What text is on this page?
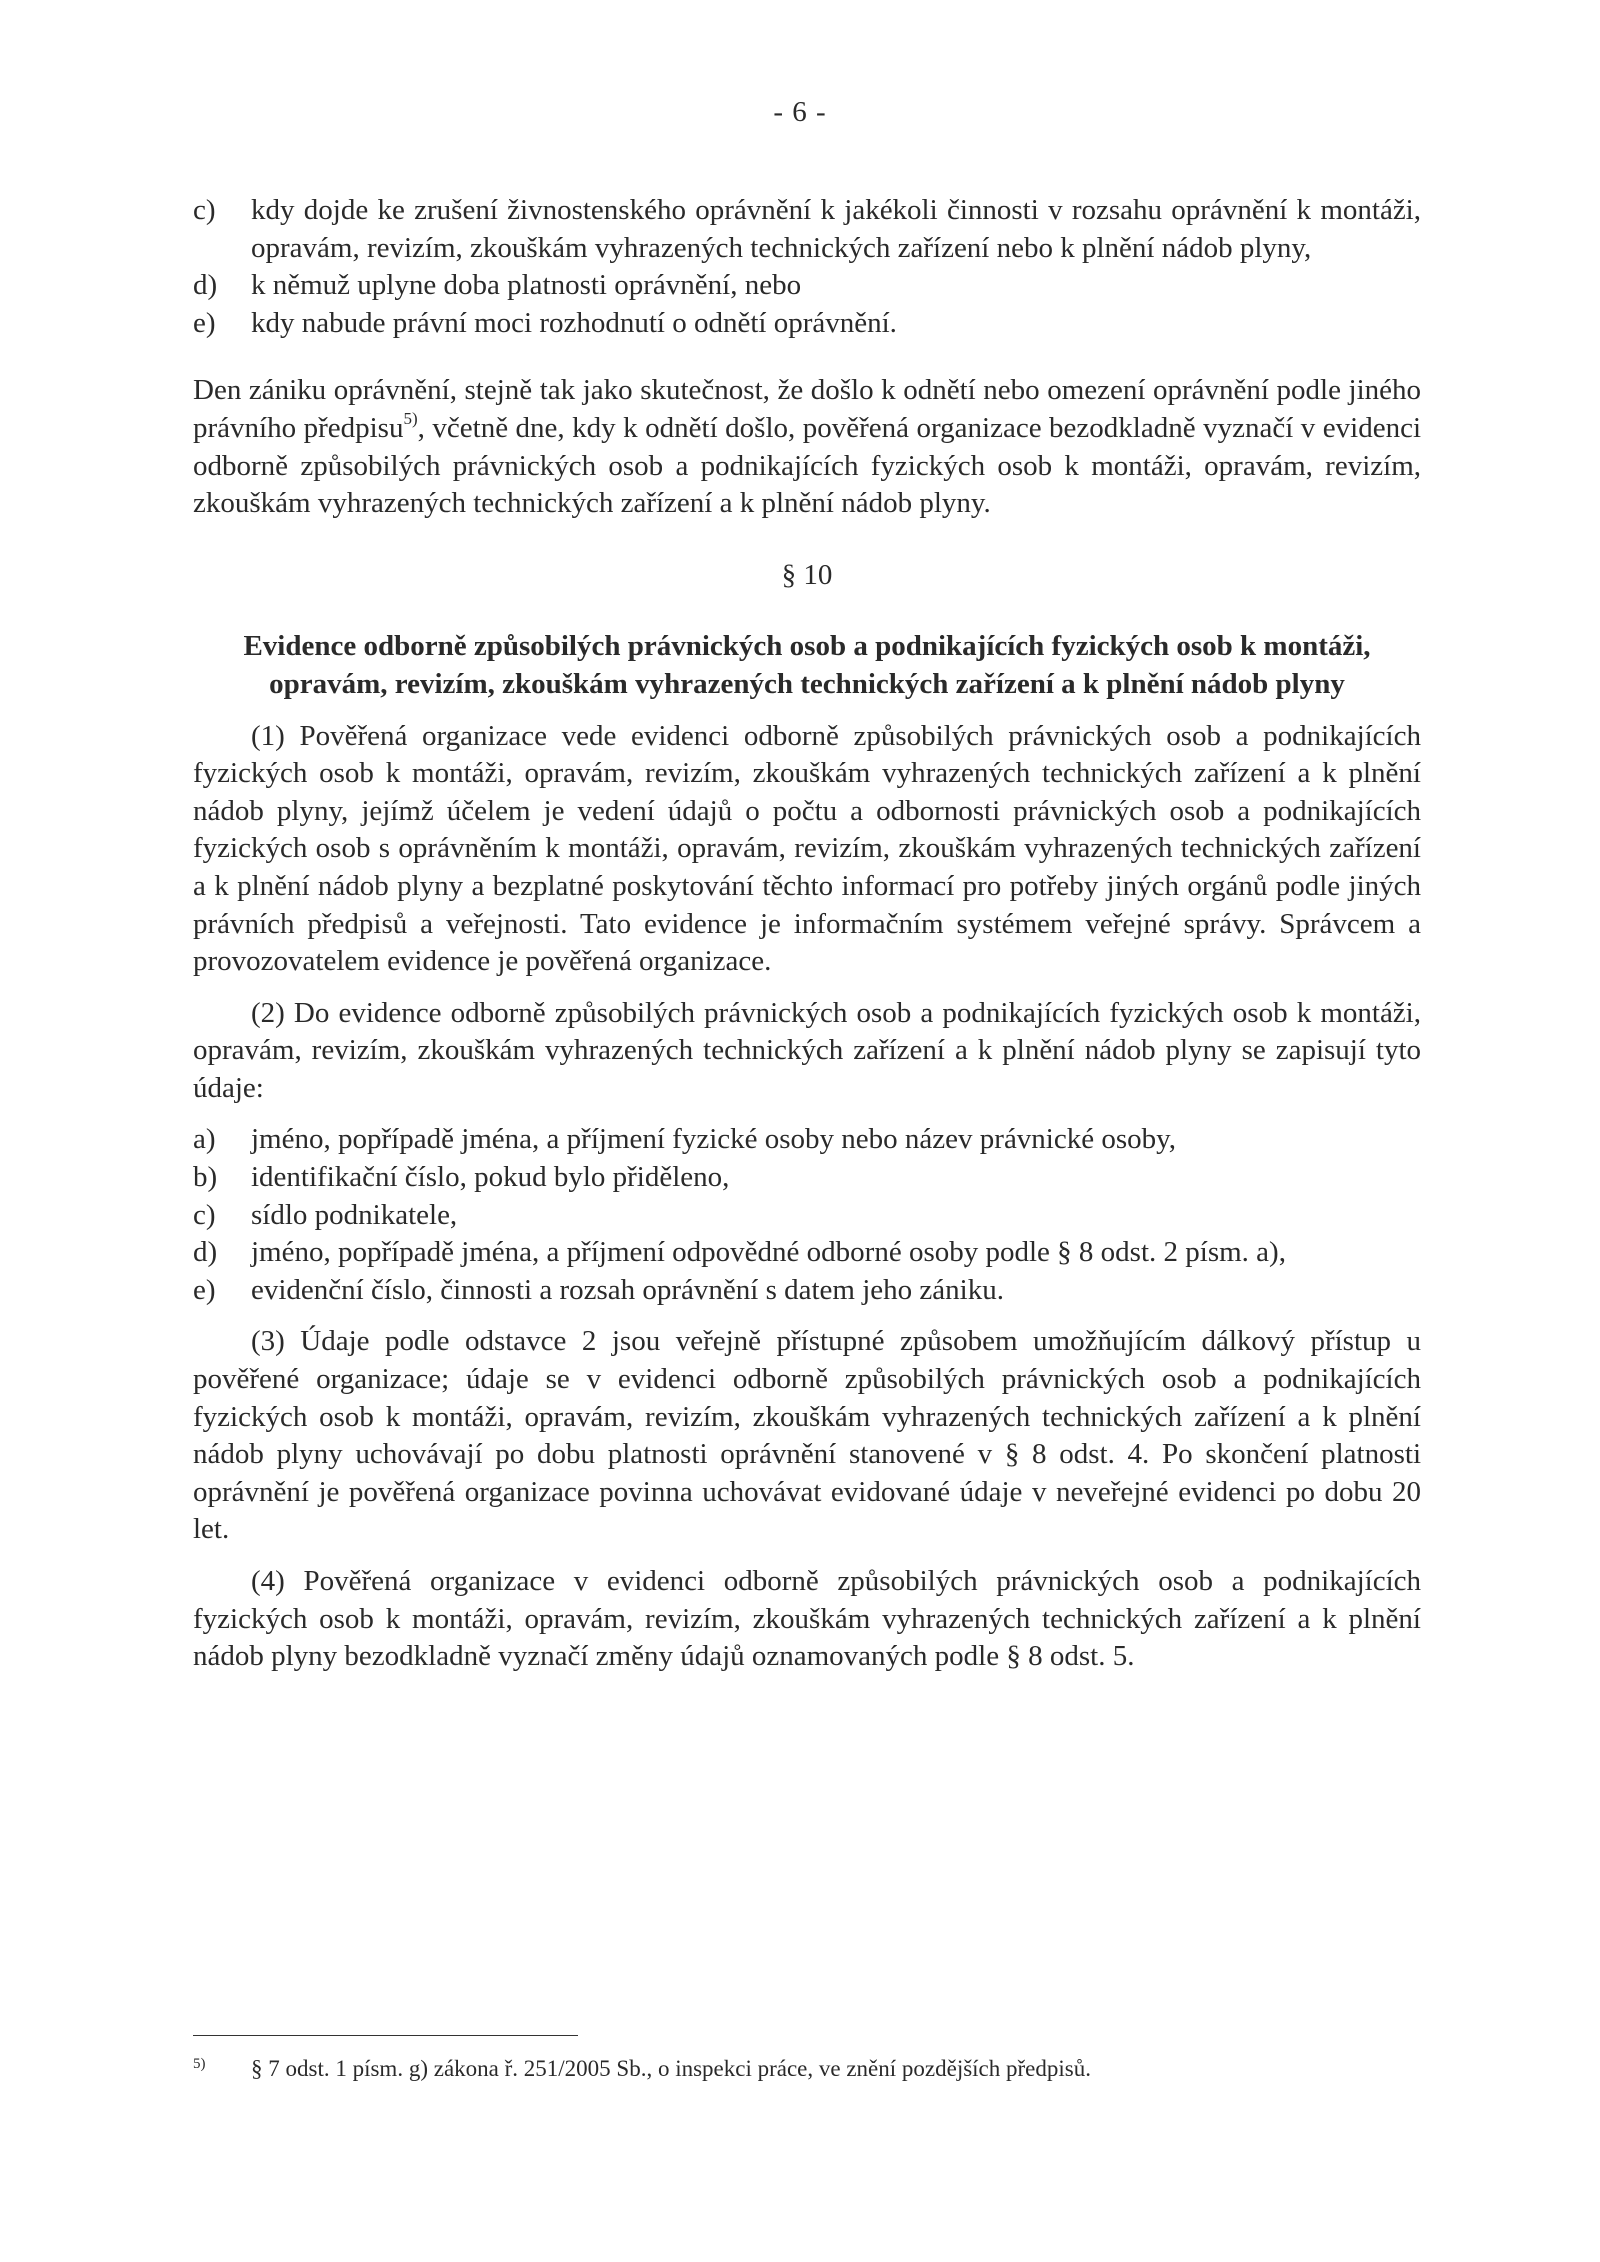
- 6 -
c)	kdy dojde ke zrušení živnostenského oprávnění k jakékoli činnosti v rozsahu oprávnění k montáži, opravám, revizím, zkouškám vyhrazených technických zařízení nebo k plnění nádob plyny,
d)	k němuž uplyne doba platnosti oprávnění, nebo
e)	kdy nabude právní moci rozhodnutí o odnětí oprávnění.

Den zániku oprávnění, stejně tak jako skutečnost, že došlo k odnětí nebo omezení oprávnění podle jiného právního předpisu$^{5)}$, včetně dne, kdy k odnětí došlo, pověřená organizace bezodkladně vyznačí v evidenci odborně způsobilých právnických osob a podnikajících fyzických osob k montáži, opravám, revizím, zkouškám vyhrazených technických zařízení a k plnění nádob plyny.

§ 10
Evidence odborně způsobilých právnických osob a podnikajících fyzických osob k montáži, opravám, revizím, zkouškám vyhrazených technických zařízení a k plnění nádob plyny

(1) Pověřená organizace vede evidenci odborně způsobilých právnických osob a podnikajících fyzických osob k montáži, opravám, revizím, zkouškám vyhrazených technických zařízení a k plnění nádob plyny, jejímž účelem je vedení údajů o počtu a odbornosti právnických osob a podnikajících fyzických osob s oprávněním k montáži, opravám, revizím, zkouškám vyhrazených technických zařízení a k plnění nádob plyny a bezplatné poskytování těchto informací pro potřeby jiných orgánů podle jiných právních předpisů a veřejnosti. Tato evidence je informačním systémem veřejné správy. Správcem a provozovatelem evidence je pověřená organizace.

(2) Do evidence odborně způsobilých právnických osob a podnikajících fyzických osob k montáži, opravám, revizím, zkouškám vyhrazených technických zařízení a k plnění nádob plyny se zapisují tyto údaje:

a)	jméno, popřípadě jména, a příjmení fyzické osoby nebo název právnické osoby,
b)	identifikační číslo, pokud bylo přiděleno,
c)	sídlo podnikatele,
d)	jméno, popřípadě jména, a příjmení odpovědné odborné osoby podle § 8 odst. 2 písm. a),
e)	evidenční číslo, činnosti a rozsah oprávnění s datem jeho zániku.

(3) Údaje podle odstavce 2 jsou veřejně přístupné způsobem umožňujícím dálkový přístup u pověřené organizace; údaje se v evidenci odborně způsobilých právnických osob a podnikajících fyzických osob k montáži, opravám, revizím, zkouškám vyhrazených technických zařízení a k plnění nádob plyny uchovávají po dobu platnosti oprávnění stanovené v § 8 odst. 4. Po skončení platnosti oprávnění je pověřená organizace povinna uchovávat evidované údaje v neveřejné evidenci po dobu 20 let.

(4) Pověřená organizace v evidenci odborně způsobilých právnických osob a podnikajících fyzických osob k montáži, opravám, revizím, zkouškám vyhrazených technických zařízení a k plnění nádob plyny bezodkladně vyznačí změny údajů oznamovaných podle § 8 odst. 5.

5)	§ 7 odst. 1 písm. g) zákona ř. 251/2005 Sb., o inspekci práce, ve znění pozdějších předpisů.
